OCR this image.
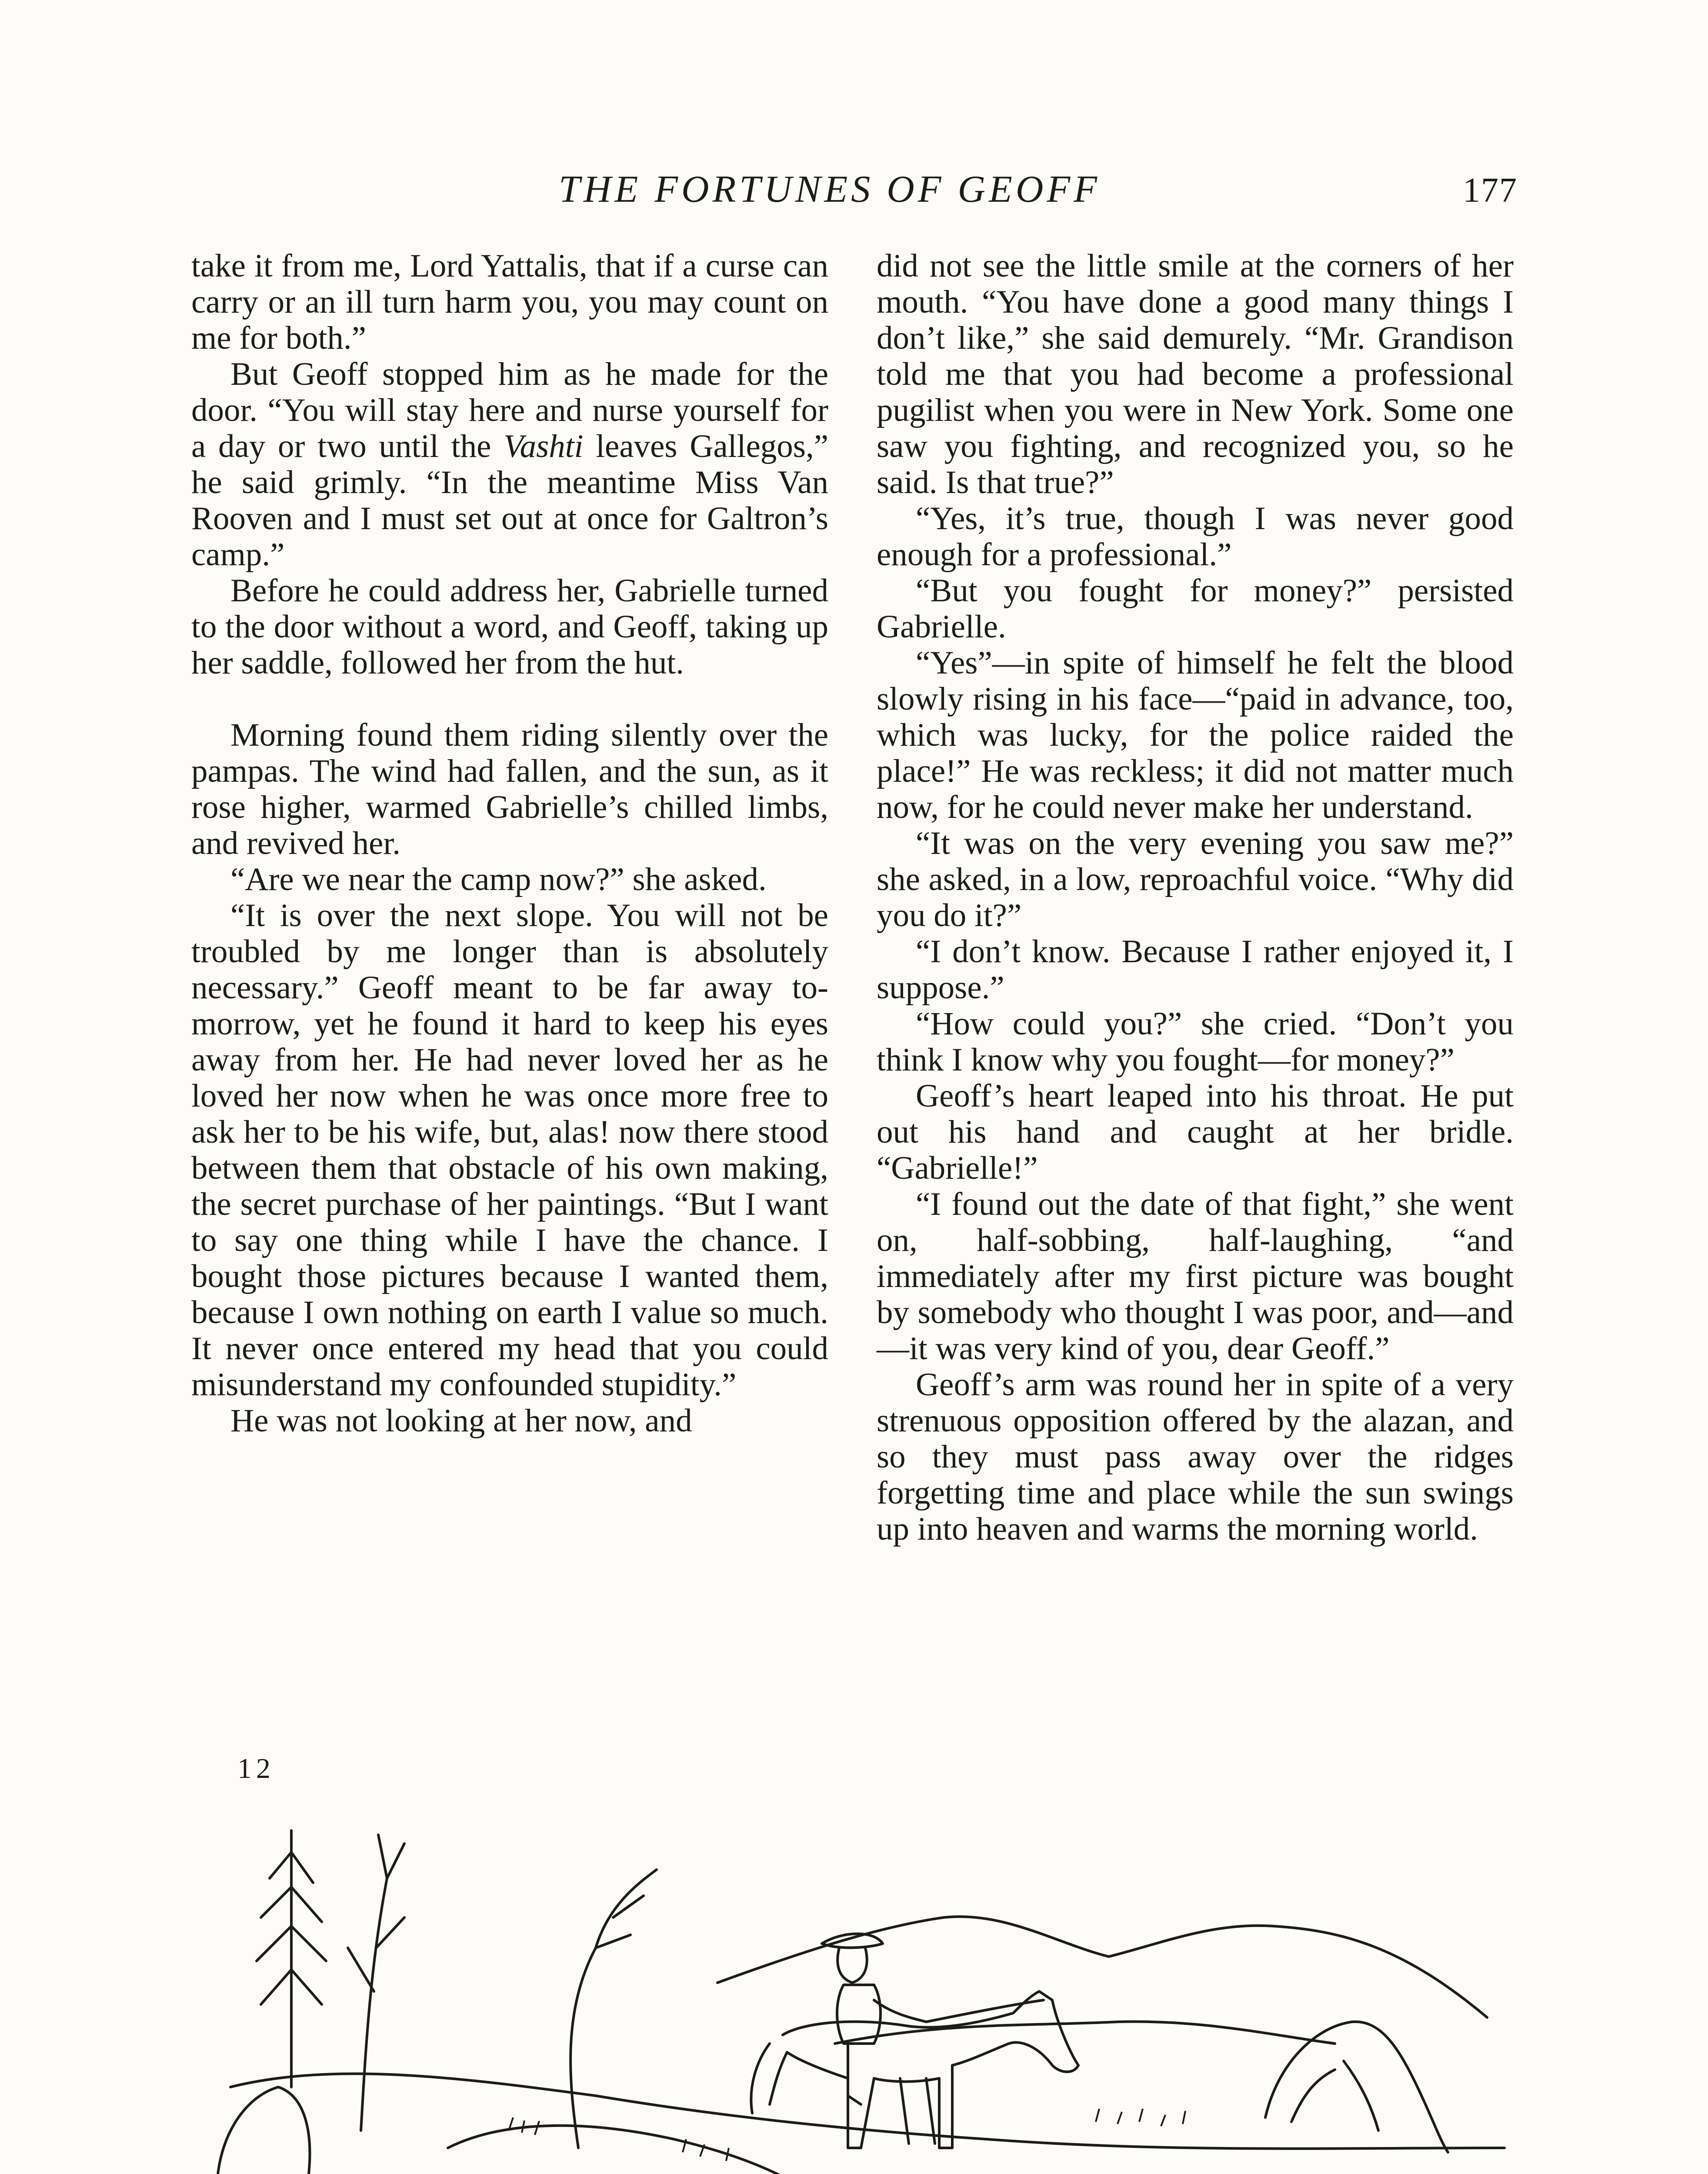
THE FORTUNES OF GEOFF	177

take it from me, Lord Yattalis, that if a curse can carry or an ill turn harm you, you may count on me for both.”

But Geoff stopped him as he made for the door. “You will stay here and nurse yourself for a day or two until the Vashti leaves Gallegos,” he said grimly. “In the meantime Miss Van Rooven and I must set out at once for Galtron’s camp.”

Before he could address her, Gabrielle turned to the door without a word, and Geoff, taking up her saddle, followed her from the hut.

Morning found them riding silently over the pampas. The wind had fallen, and the sun, as it rose higher, warmed Gabrielle’s chilled limbs, and revived her.

“Are we near the camp now?” she asked.

“It is over the next slope. You will not be troubled by me longer than is absolutely necessary.” Geoff meant to be far away to-morrow, yet he found it hard to keep his eyes away from her. He had never loved her as he loved her now when he was once more free to ask her to be his wife, but, alas! now there stood between them that obstacle of his own making, the secret purchase of her paintings. “But I want to say one thing while I have the chance. I bought those pictures because I wanted them, because I own nothing on earth I value so much. It never once entered my head that you could misunderstand my confounded stupidity.”

He was not looking at her now, and

did not see the little smile at the corners of her mouth. “You have done a good many things I don’t like,” she said demurely. “Mr. Grandison told me that you had become a professional pugilist when you were in New York. Some one saw you fighting, and recognized you, so he said. Is that true?”

“Yes, it’s true, though I was never good enough for a professional.”

“But you fought for money?” persisted Gabrielle.

“Yes”—in spite of himself he felt the blood slowly rising in his face—“paid in advance, too, which was lucky, for the police raided the place!” He was reckless; it did not matter much now, for he could never make her understand.

“It was on the very evening you saw me?” she asked, in a low, reproachful voice. “Why did you do it?”

“I don’t know. Because I rather enjoyed it, I suppose.”

“How could you?” she cried. “Don’t you think I know why you fought—for money?”

Geoff’s heart leaped into his throat. He put out his hand and caught at her bridle. “Gabrielle!”

“I found out the date of that fight,” she went on, half-sobbing, half-laughing, “and immediately after my first picture was bought by somebody who thought I was poor, and—and—it was very kind of you, dear Geoff.”

Geoff’s arm was round her in spite of a very strenuous opposition offered by the alazan, and so they must pass away over the ridges forgetting time and place while the sun swings up into heaven and warms the morning world.

12
